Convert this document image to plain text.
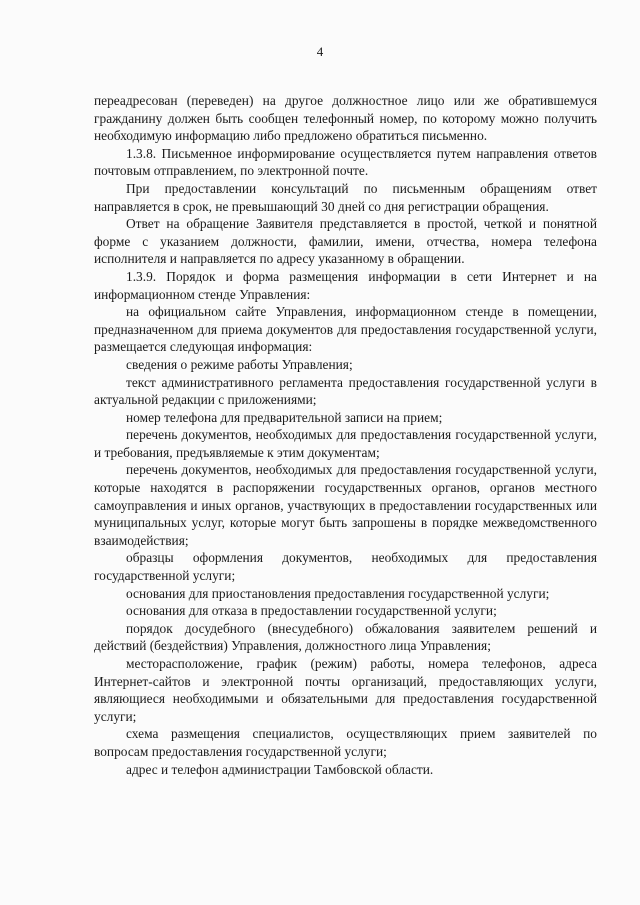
4

переадресован (переведен) на другое должностное лицо или же обратившемуся гражданину должен быть сообщен телефонный номер, по которому можно получить необходимую информацию либо предложено обратиться письменно.

1.3.8. Письменное информирование осуществляется путем направления ответов почтовым отправлением, по электронной почте.

При предоставлении консультаций по письменным обращениям ответ направляется в срок, не превышающий 30 дней со дня регистрации обращения.

Ответ на обращение Заявителя представляется в простой, четкой и понятной форме с указанием должности, фамилии, имени, отчества, номера телефона исполнителя и направляется по адресу указанному в обращении.

1.3.9. Порядок и форма размещения информации в сети Интернет и на информационном стенде Управления:

на официальном сайте Управления, информационном стенде в помещении, предназначенном для приема документов для предоставления государственной услуги, размещается следующая информация:

сведения о режиме работы Управления;

текст административного регламента предоставления государственной услуги в актуальной редакции с приложениями;

номер телефона для предварительной записи на прием;

перечень документов, необходимых для предоставления государственной услуги, и требования, предъявляемые к этим документам;

перечень документов, необходимых для предоставления государственной услуги, которые находятся в распоряжении государственных органов, органов местного самоуправления и иных органов, участвующих в предоставлении государственных или муниципальных услуг, которые могут быть запрошены в порядке межведомственного взаимодействия;

образцы оформления документов, необходимых для предоставления государственной услуги;

основания для приостановления предоставления государственной услуги;

основания для отказа в предоставлении государственной услуги;

порядок досудебного (внесудебного) обжалования заявителем решений и действий (бездействия) Управления, должностного лица Управления;

месторасположение, график (режим) работы, номера телефонов, адреса Интернет-сайтов и электронной почты организаций, предоставляющих услуги, являющиеся необходимыми и обязательными для предоставления государственной услуги;

схема размещения специалистов, осуществляющих прием заявителей по вопросам предоставления государственной услуги;

адрес и телефон администрации Тамбовской области.
